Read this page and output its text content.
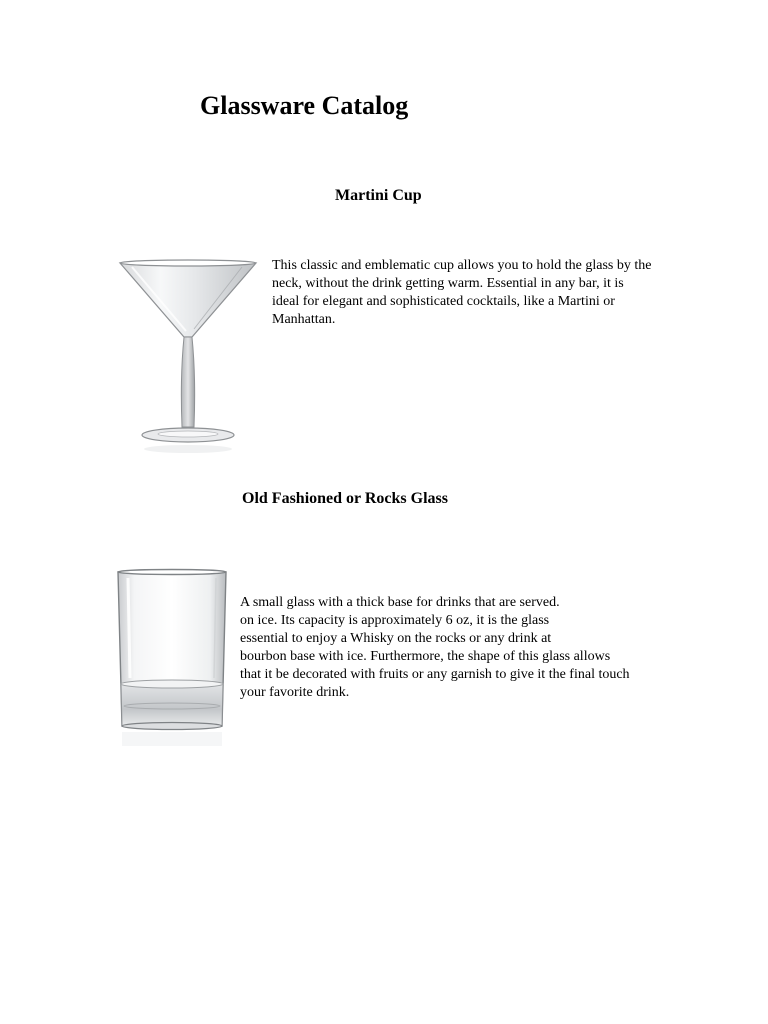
Glassware Catalog
Martini Cup
This classic and emblematic cup allows you to hold the glass by the
neck, without the drink getting warm. Essential in any bar, it is
ideal for elegant and sophisticated cocktails, like a Martini or
Manhattan.
Old Fashioned or Rocks Glass
A small glass with a thick base for drinks that are served.
on ice. Its capacity is approximately 6 oz, it is the glass
essential to enjoy a Whisky on the rocks or any drink at
bourbon base with ice. Furthermore, the shape of this glass allows
that it be decorated with fruits or any garnish to give it the final touch
your favorite drink.
